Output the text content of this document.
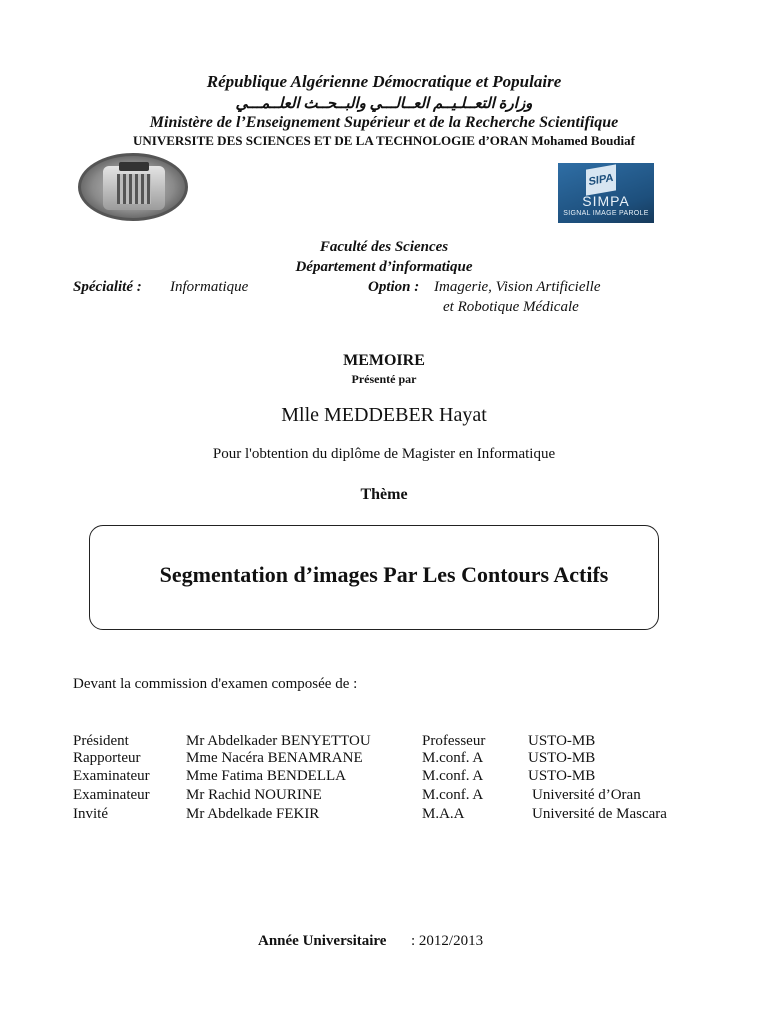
République Algérienne Démocratique et Populaire
وزارة التعــلـيــم العــالـــي والبــحــث العلــمـــي
Ministère de l’Enseignement Supérieur et de la Recherche Scientifique
UNIVERSITE DES SCIENCES ET DE LA TECHNOLOGIE d’ORAN Mohamed Boudiaf
SIPA
SIMPA
SIGNAL IMAGE PAROLE
Faculté des Sciences
Département d’informatique
Spécialité : Informatique	Option : Imagerie, Vision Artificielle
et Robotique Médicale
MEMOIRE
Présenté par
Mlle MEDDEBER Hayat
Pour l'obtention du diplôme de Magister en Informatique
Thème
Segmentation d’images Par Les Contours Actifs
Devant la commission d'examen composée de :
Président	Mr Abdelkader BENYETTOU	Professeur	USTO-MB
Rapporteur	Mme Nacéra BENAMRANE	M.conf. A	USTO-MB
Examinateur Mme Fatima BENDELLA	M.conf. A	USTO-MB
Examinateur Mr Rachid NOURINE	M.conf. A	Université d’Oran
Invité	Mr Abdelkade FEKIR	M.A.A	Université de Mascara
Année Universitaire : 2012/2013
